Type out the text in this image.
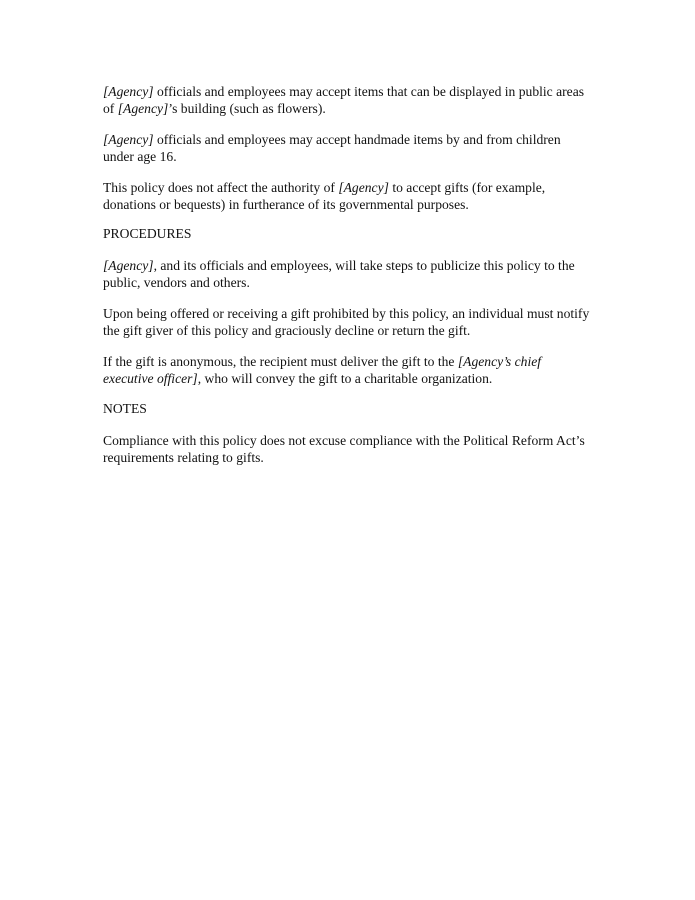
[Agency] officials and employees may accept items that can be displayed in public areas
of [Agency]’s building (such as flowers).
[Agency] officials and employees may accept handmade items by and from children
under age 16.
This policy does not affect the authority of [Agency] to accept gifts (for example,
donations or bequests) in furtherance of its governmental purposes.
PROCEDURES
[Agency], and its officials and employees, will take steps to publicize this policy to the
public, vendors and others.
Upon being offered or receiving a gift prohibited by this policy, an individual must notify
the gift giver of this policy and graciously decline or return the gift.
If the gift is anonymous, the recipient must deliver the gift to the [Agency’s chief
executive officer], who will convey the gift to a charitable organization.
NOTES
Compliance with this policy does not excuse compliance with the Political Reform Act’s
requirements relating to gifts.
